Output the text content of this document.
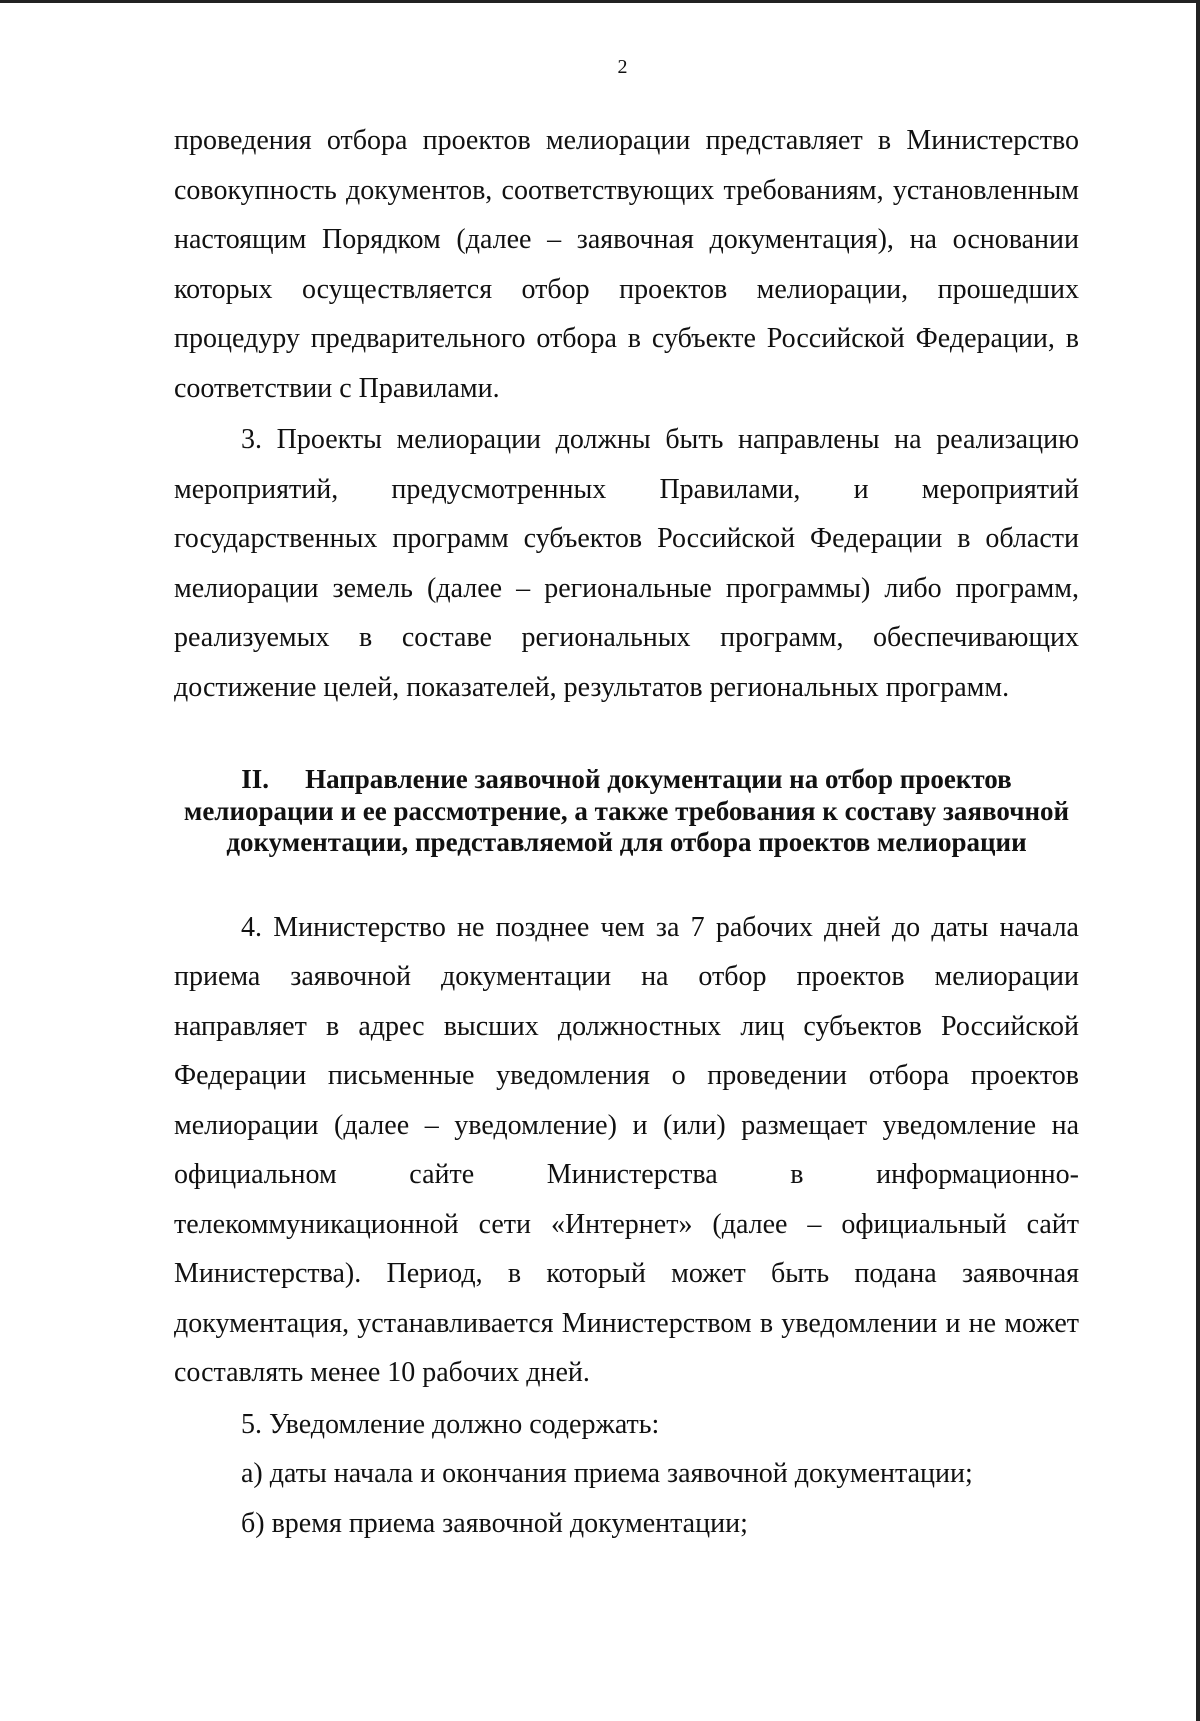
2

проведения отбора проектов мелиорации представляет в Министерство совокупность документов, соответствующих требованиям, установленным настоящим Порядком (далее – заявочная документация), на основании которых осуществляется отбор проектов мелиорации, прошедших процедуру предварительного отбора в субъекте Российской Федерации, в соответствии с Правилами.

3. Проекты мелиорации должны быть направлены на реализацию мероприятий, предусмотренных Правилами, и мероприятий государственных программ субъектов Российской Федерации в области мелиорации земель (далее – региональные программы) либо программ, реализуемых в составе региональных программ, обеспечивающих достижение целей, показателей, результатов региональных программ.

II. Направление заявочной документации на отбор проектов мелиорации и ее рассмотрение, а также требования к составу заявочной документации, представляемой для отбора проектов мелиорации

4. Министерство не позднее чем за 7 рабочих дней до даты начала приема заявочной документации на отбор проектов мелиорации направляет в адрес высших должностных лиц субъектов Российской Федерации письменные уведомления о проведении отбора проектов мелиорации (далее – уведомление) и (или) размещает уведомление на официальном сайте Министерства в информационно-телекоммуникационной сети «Интернет» (далее – официальный сайт Министерства). Период, в который может быть подана заявочная документация, устанавливается Министерством в уведомлении и не может составлять менее 10 рабочих дней.

5. Уведомление должно содержать:

а) даты начала и окончания приема заявочной документации;

б) время приема заявочной документации;
